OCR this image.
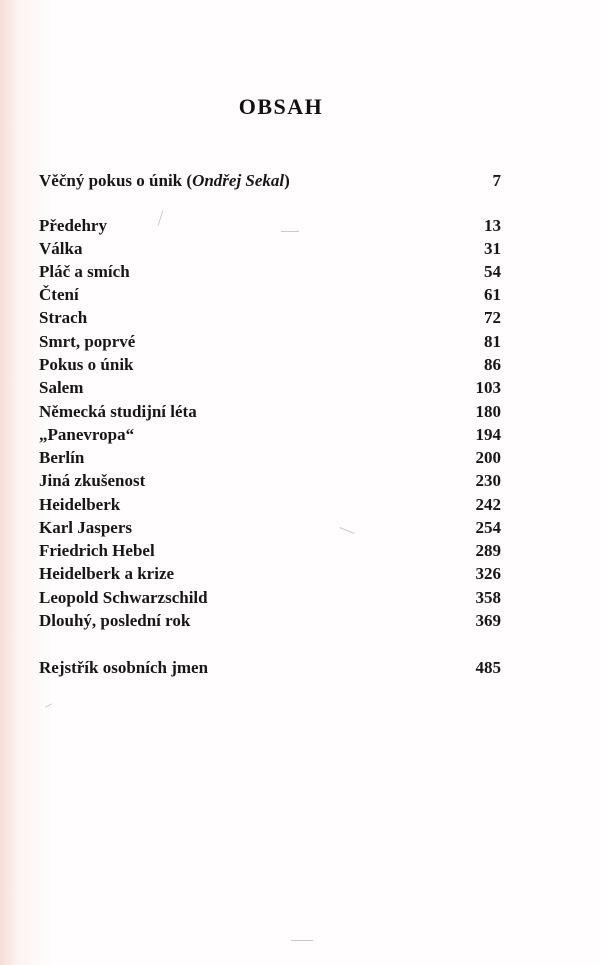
OBSAH
Věčný pokus o únik (Ondřej Sekal)	7
Předehry	13
Válka	31
Pláč a smích	54
Čtení	61
Strach	72
Smrt, poprvé	81
Pokus o únik	86
Salem	103
Německá studijní léta	180
„Panevropa“	194
Berlín	200
Jiná zkušenost	230
Heidelberk	242
Karl Jaspers	254
Friedrich Hebel	289
Heidelberk a krize	326
Leopold Schwarzschild	358
Dlouhý, poslední rok	369
Rejstřík osobních jmen	485
